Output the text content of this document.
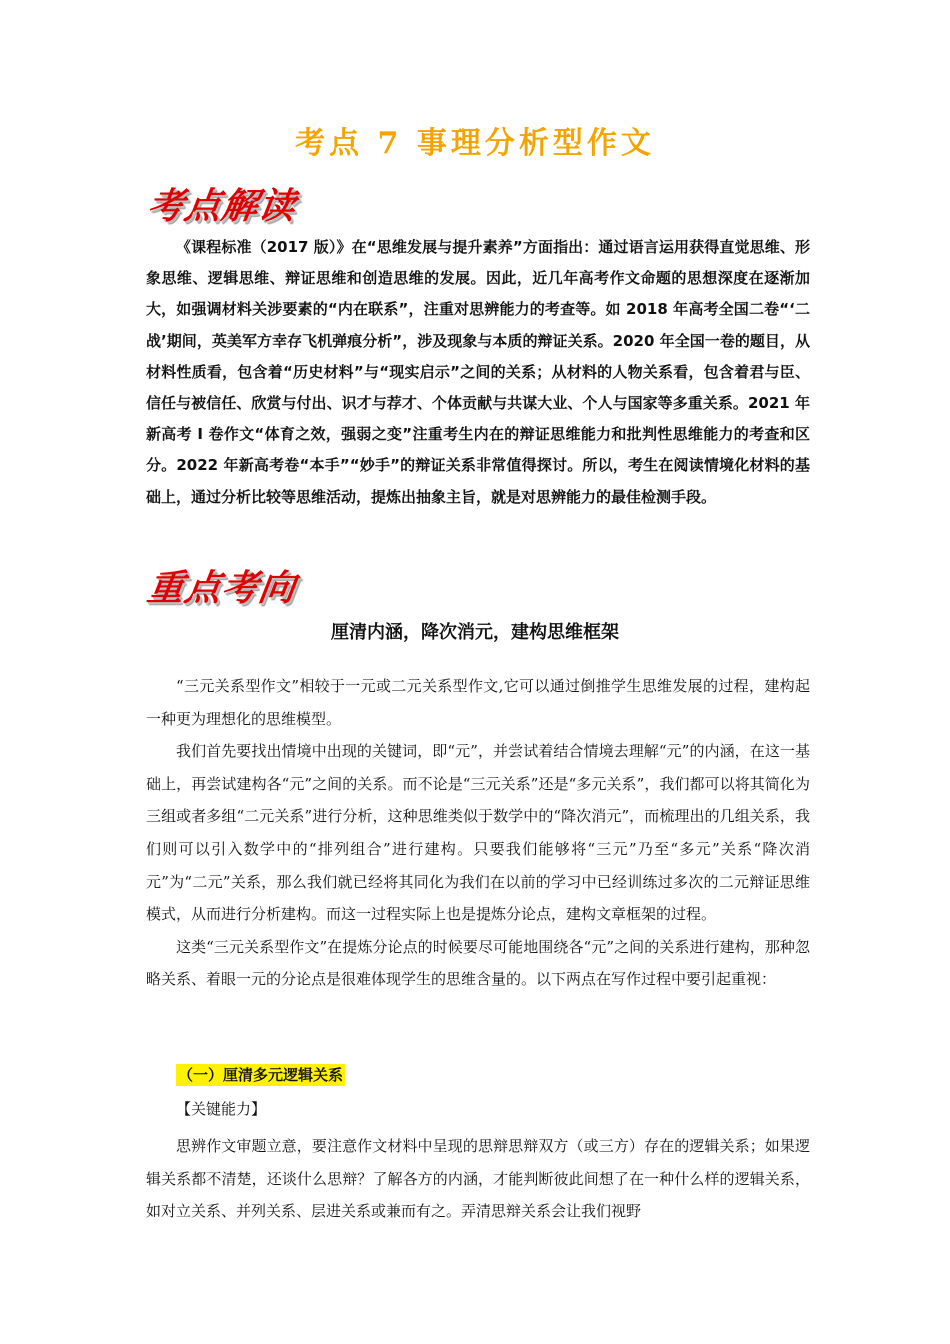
考点 7 事理分析型作文
考点解读

《课程标准（2017 版）》在“思维发展与提升素养”方面指出：通过语言运用获得直觉思维、形象思维、逻辑思维、辩证思维和创造思维的发展。因此，近几年高考作文命题的思想深度在逐渐加大，如强调材料关涉要素的“内在联系”，注重对思辨能力的考查等。如 2018 年高考全国二卷“‘二战’期间，英美军方幸存飞机弹痕分析”，涉及现象与本质的辩证关系。2020 年全国一卷的题目，从材料性质看，包含着“历史材料”与“现实启示”之间的关系；从材料的人物关系看，包含着君与臣、信任与被信任、欣赏与付出、识才与荐才、个体贡献与共谋大业、个人与国家等多重关系。2021 年新高考 I 卷作文“体育之效，强弱之变”注重考生内在的辩证思维能力和批判性思维能力的考查和区分。2022 年新高考卷“本手”“妙手”的辩证关系非常值得探讨。所以，考生在阅读情境化材料的基础上，通过分析比较等思维活动，提炼出抽象主旨，就是对思辨能力的最佳检测手段。

重点考向
厘清内涵，降次消元，建构思维框架

“三元关系型作文”相较于一元或二元关系型作文,它可以通过倒推学生思维发展的过程，建构起一种更为理想化的思维模型。

我们首先要找出情境中出现的关键词，即“元”，并尝试着结合情境去理解“元”的内涵，在这一基础上，再尝试建构各“元”之间的关系。而不论是“三元关系”还是“多元关系”，我们都可以将其简化为三组或者多组“二元关系”进行分析，这种思维类似于数学中的“降次消元”，而梳理出的几组关系，我们则可以引入数学中的“排列组合”进行建构。只要我们能够将“三元”乃至“多元”关系“降次消元”为“二元”关系，那么我们就已经将其同化为我们在以前的学习中已经训练过多次的二元辩证思维模式，从而进行分析建构。而这一过程实际上也是提炼分论点，建构文章框架的过程。

这类“三元关系型作文”在提炼分论点的时候要尽可能地围绕各“元”之间的关系进行建构，那种忽略关系、着眼一元的分论点是很难体现学生的思维含量的。以下两点在写作过程中要引起重视：

（一）厘清多元逻辑关系
【关键能力】

思辨作文审题立意，要注意作文材料中呈现的思辩思辩双方（或三方）存在的逻辑关系；如果逻辑关系都不清楚，还谈什么思辩？了解各方的内涵，才能判断彼此间想了在一种什么样的逻辑关系，如对立关系、并列关系、层进关系或兼而有之。弄清思辩关系会让我们视野
